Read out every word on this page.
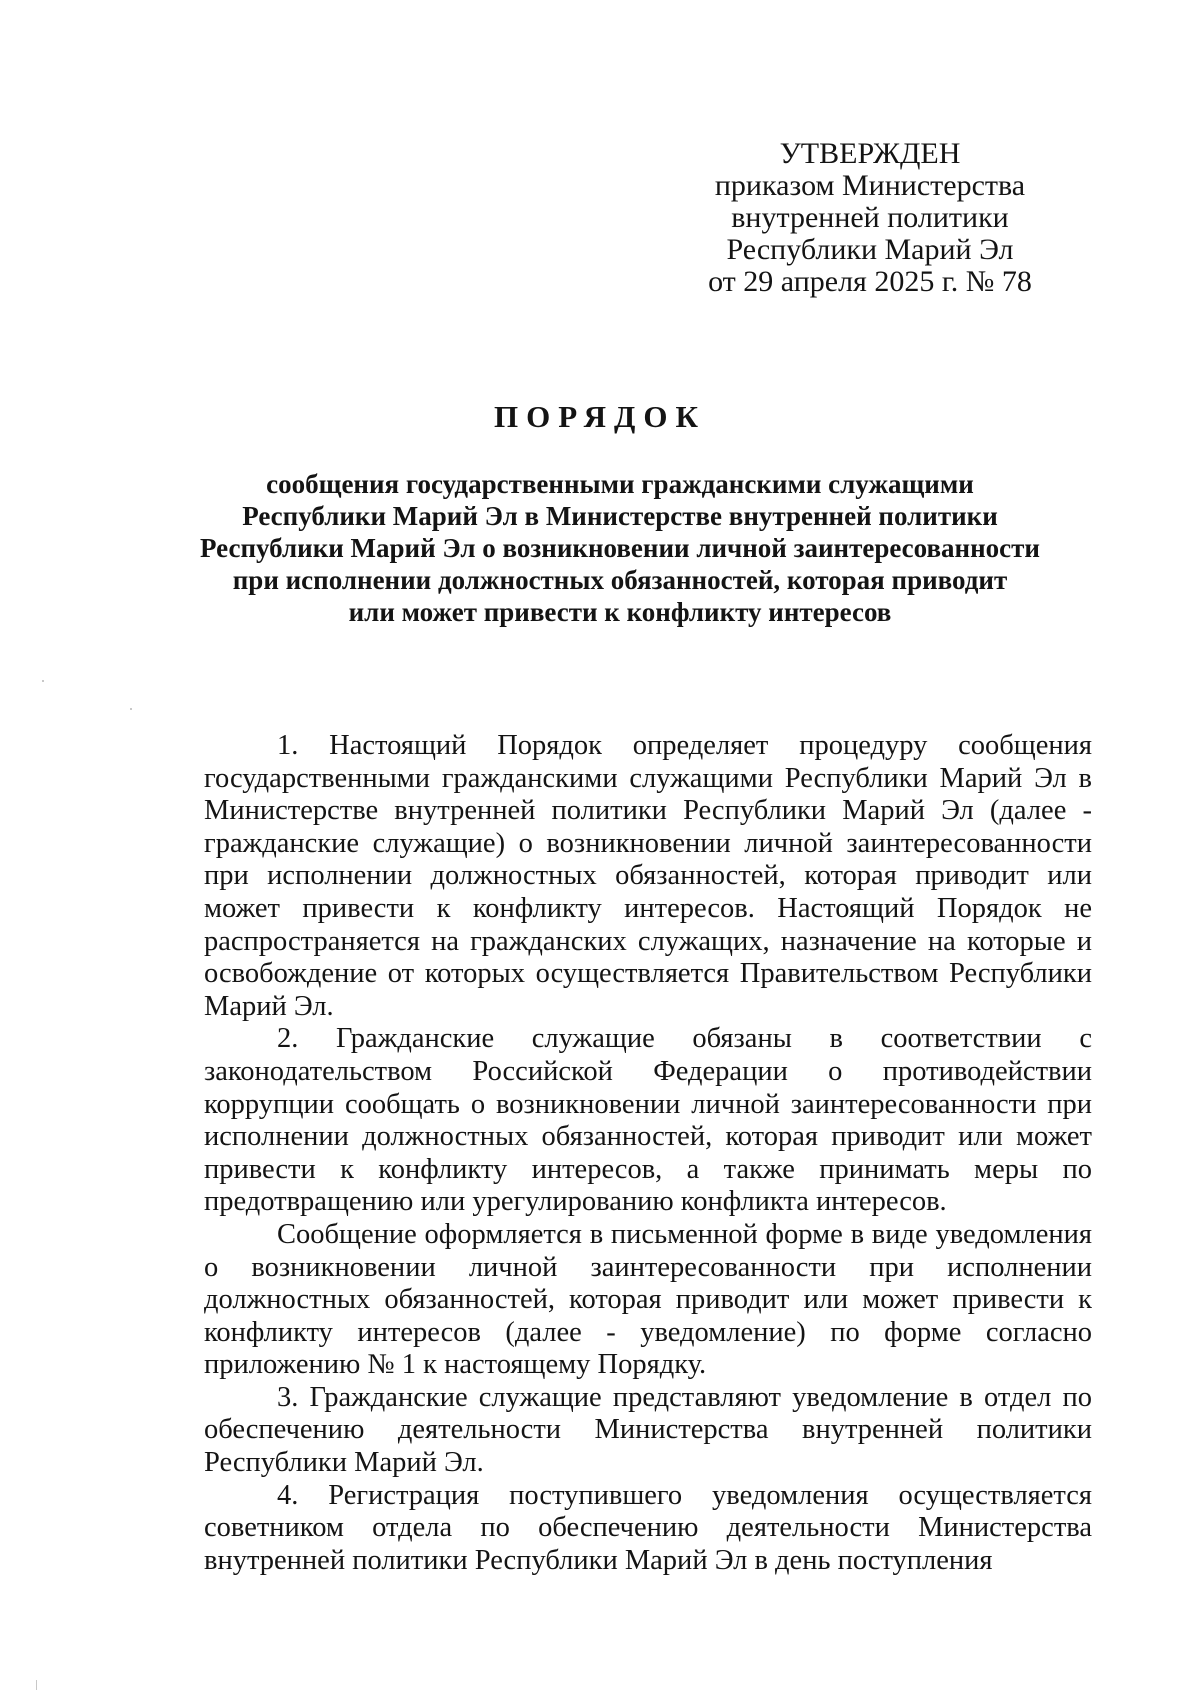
УТВЕРЖДЕН
приказом Министерства
внутренней политики
Республики Марий Эл
от 29 апреля 2025 г. № 78
ПОРЯДОК
сообщения государственными гражданскими служащими
Республики Марий Эл в Министерстве внутренней политики
Республики Марий Эл о возникновении личной заинтересованности
при исполнении должностных обязанностей, которая приводит
или может привести к конфликту интересов

1. Настоящий Порядок определяет процедуру сообщения государственными гражданскими служащими Республики Марий Эл в Министерстве внутренней политики Республики Марий Эл (далее - гражданские служащие) о возникновении личной заинтересованности при исполнении должностных обязанностей, которая приводит или может привести к конфликту интересов. Настоящий Порядок не распространяется на гражданских служащих, назначение на которые и освобождение от которых осуществляется Правительством Республики Марий Эл.

2. Гражданские служащие обязаны в соответствии с законодательством Российской Федерации о противодействии коррупции сообщать о возникновении личной заинтересованности при исполнении должностных обязанностей, которая приводит или может привести к конфликту интересов, а также принимать меры по предотвращению или урегулированию конфликта интересов.

Сообщение оформляется в письменной форме в виде уведомления о возникновении личной заинтересованности при исполнении должностных обязанностей, которая приводит или может привести к конфликту интересов (далее - уведомление) по форме согласно приложению № 1 к настоящему Порядку.

3. Гражданские служащие представляют уведомление в отдел по обеспечению деятельности Министерства внутренней политики Республики Марий Эл.

4. Регистрация поступившего уведомления осуществляется советником отдела по обеспечению деятельности Министерства внутренней политики Республики Марий Эл в день поступления
